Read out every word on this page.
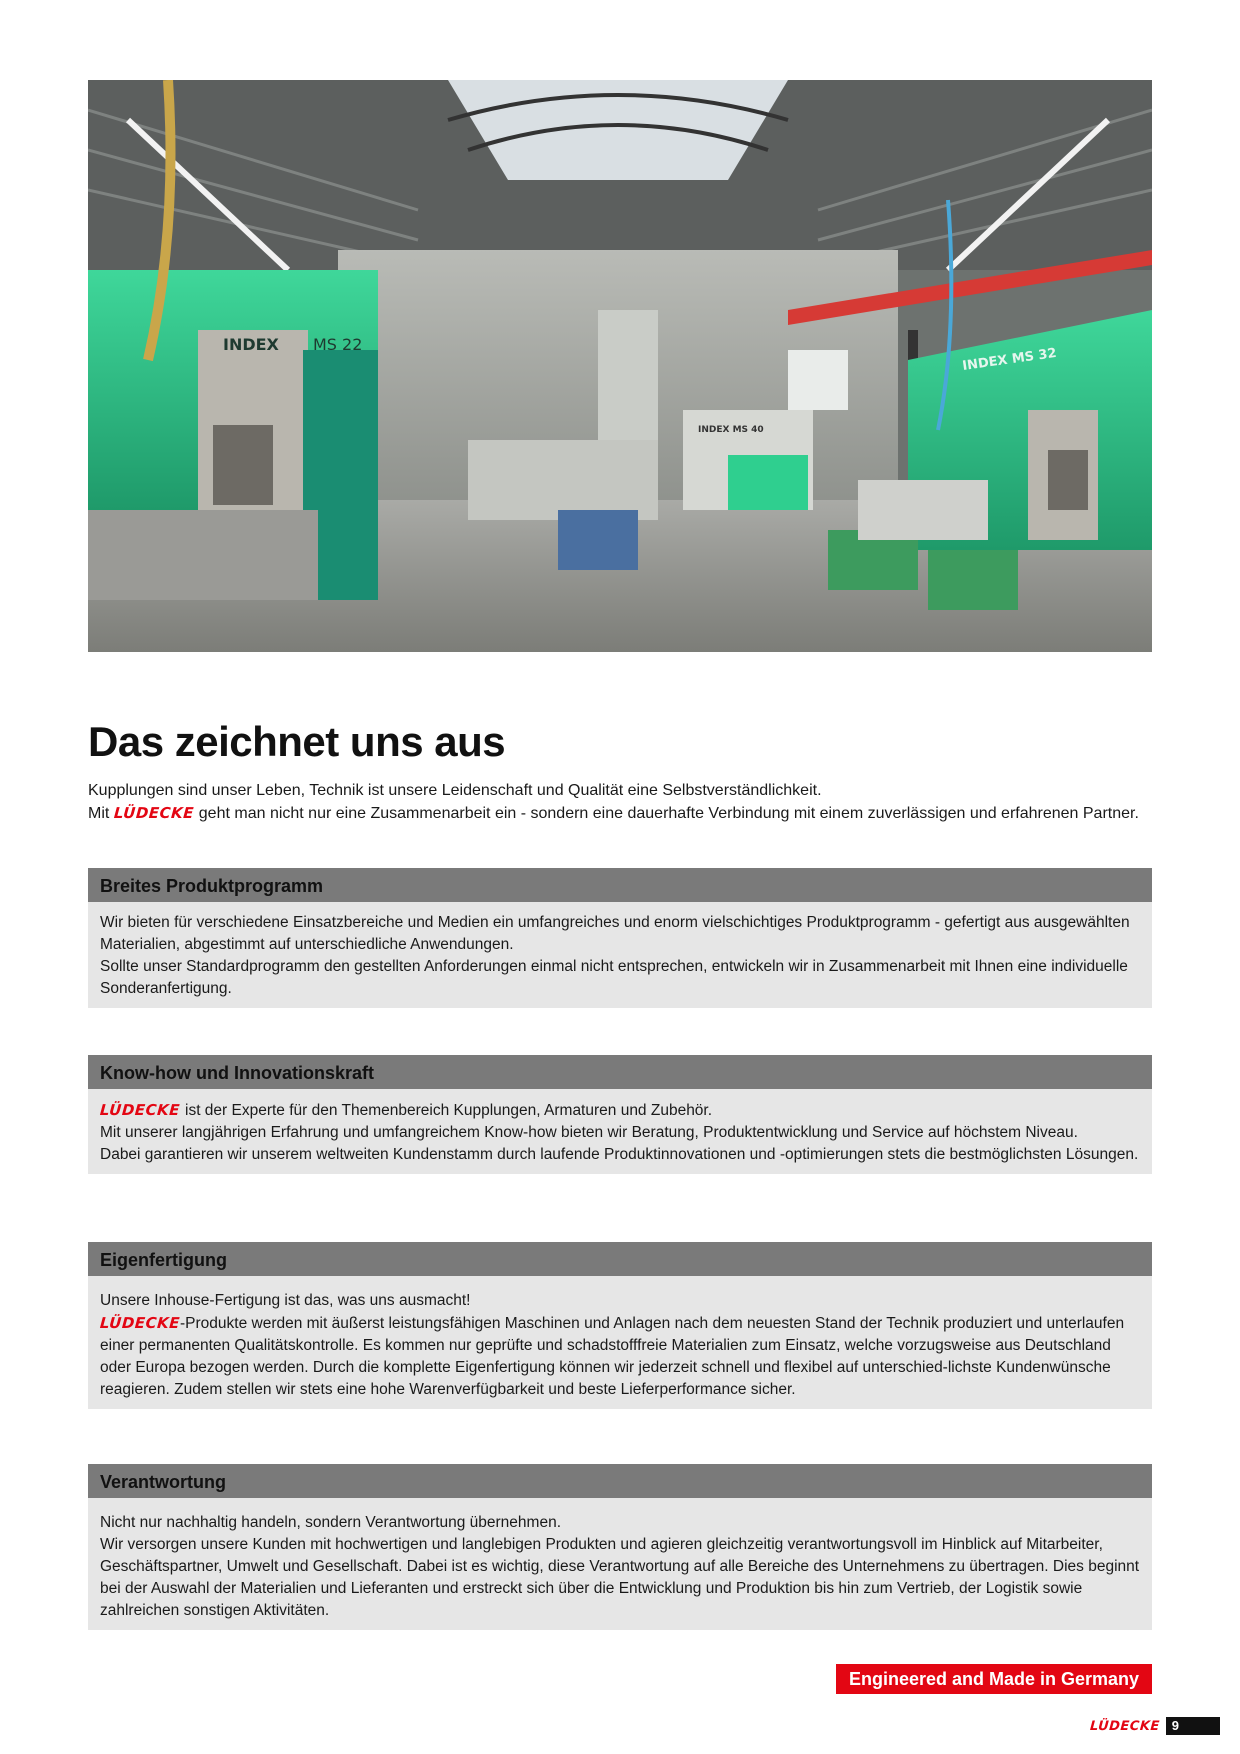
INDEX MS 22
INDEX MS 40
INDEX MS 32
Das zeichnet uns aus
Kupplungen sind unser Leben, Technik ist unsere Leidenschaft und Qualität eine Selbstverständlichkeit.
Mit LÜDECKE geht man nicht nur eine Zusammenarbeit ein - sondern eine dauerhafte Verbindung mit einem zuverlässigen und erfahrenen Partner.
Breites Produktprogramm

Wir bieten für verschiedene Einsatzbereiche und Medien ein umfangreiches und enorm vielschichtiges Produktprogramm - gefertigt aus ausgewählten Materialien, abgestimmt auf unterschiedliche Anwendungen.

Sollte unser Standardprogramm den gestellten Anforderungen einmal nicht entsprechen, entwickeln wir in Zusammenarbeit mit Ihnen eine individuelle Sonderanfertigung.

Know-how und Innovationskraft

LÜDECKE ist der Experte für den Themenbereich Kupplungen, Armaturen und Zubehör.

Mit unserer langjährigen Erfahrung und umfangreichem Know-how bieten wir Beratung, Produktentwicklung und Service auf höchstem Niveau.

Dabei garantieren wir unserem weltweiten Kundenstamm durch laufende Produktinnovationen und -optimierungen stets die bestmöglichsten Lösungen.

Eigenfertigung

Unsere Inhouse-Fertigung ist das, was uns ausmacht!

LÜDECKE-Produkte werden mit äußerst leistungsfähigen Maschinen und Anlagen nach dem neuesten Stand der Technik produziert und unterlaufen einer permanenten Qualitätskontrolle. Es kommen nur geprüfte und schadstofffreie Materialien zum Einsatz, welche vorzugsweise aus Deutschland oder Europa bezogen werden. Durch die komplette Eigenfertigung können wir jederzeit schnell und flexibel auf unterschied-lichste Kundenwünsche reagieren. Zudem stellen wir stets eine hohe Warenverfügbarkeit und beste Lieferperformance sicher.

Verantwortung

Nicht nur nachhaltig handeln, sondern Verantwortung übernehmen.

Wir versorgen unsere Kunden mit hochwertigen und langlebigen Produkten und agieren gleichzeitig verantwortungsvoll im Hinblick auf Mitarbeiter, Geschäftspartner, Umwelt und Gesellschaft. Dabei ist es wichtig, diese Verantwortung auf alle Bereiche des Unternehmens zu übertragen. Dies beginnt bei der Auswahl der Materialien und Lieferanten und erstreckt sich über die Entwicklung und Produktion bis hin zum Vertrieb, der Logistik sowie zahlreichen sonstigen Aktivitäten.

Engineered and Made in Germany
LÜDECKE 9
